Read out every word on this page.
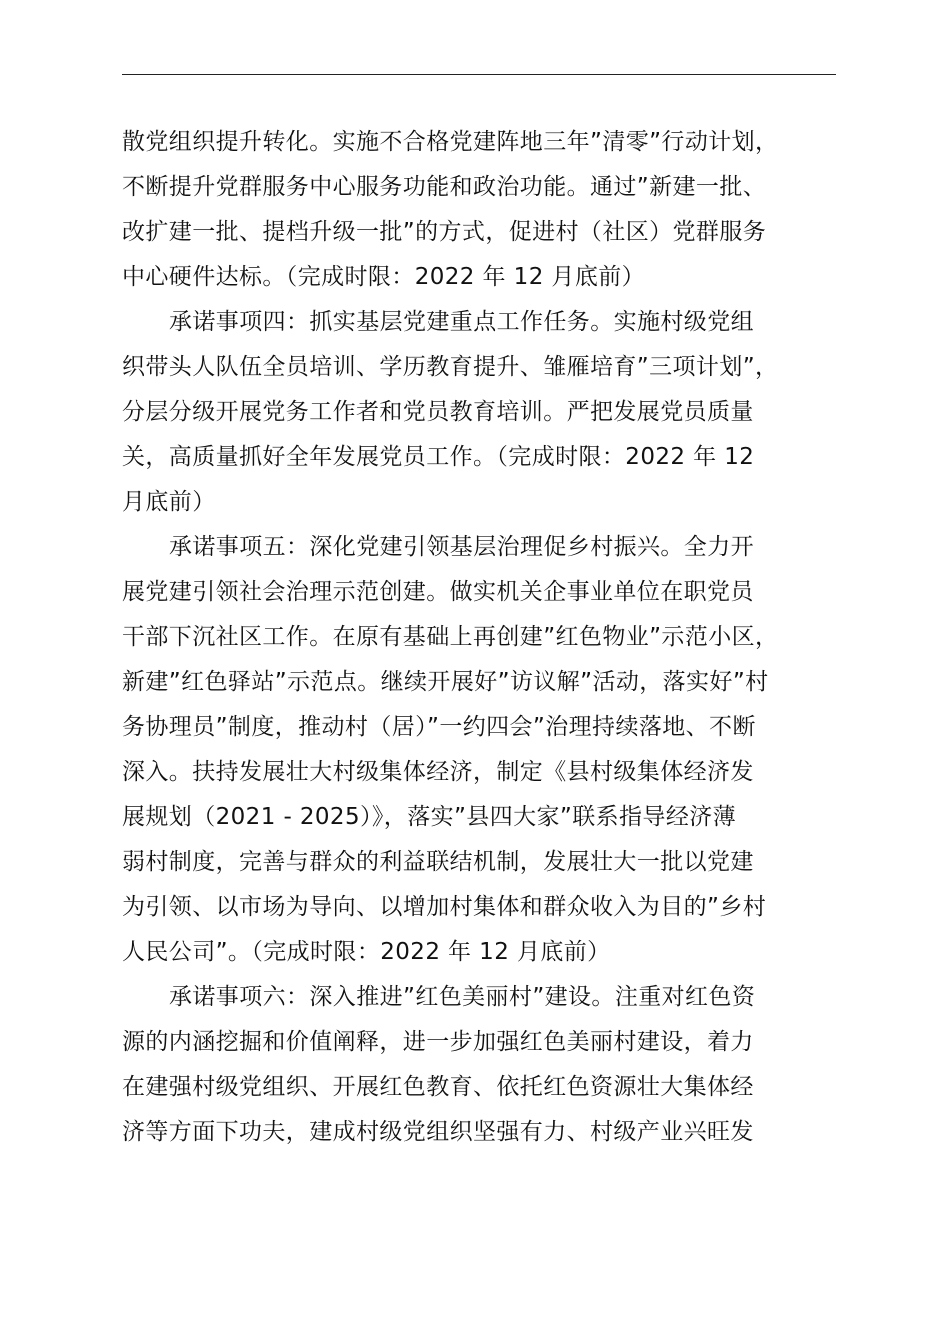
散党组织提升转化。实施不合格党建阵地三年”清零”行动计划，
不断提升党群服务中心服务功能和政治功能。通过”新建一批、
改扩建一批、提档升级一批”的方式，促进村（社区）党群服务
中心硬件达标。（完成时限：2022 年 12 月底前）
承诺事项四：抓实基层党建重点工作任务。实施村级党组
织带头人队伍全员培训、学历教育提升、雏雁培育”三项计划”，
分层分级开展党务工作者和党员教育培训。严把发展党员质量
关，高质量抓好全年发展党员工作。（完成时限：2022 年 12
月底前）
承诺事项五：深化党建引领基层治理促乡村振兴。全力开
展党建引领社会治理示范创建。做实机关企事业单位在职党员
干部下沉社区工作。在原有基础上再创建”红色物业”示范小区，
新建”红色驿站”示范点。继续开展好”访议解”活动，落实好”村
务协理员”制度，推动村（居）”一约四会”治理持续落地、不断
深入。扶持发展壮大村级集体经济，制定《县村级集体经济发
展规划（2021 - 2025）》，落实”县四大家”联系指导经济薄
弱村制度，完善与群众的利益联结机制，发展壮大一批以党建
为引领、以市场为导向、以增加村集体和群众收入为目的”乡村
人民公司”。（完成时限：2022 年 12 月底前）
承诺事项六：深入推进”红色美丽村”建设。注重对红色资
源的内涵挖掘和价值阐释，进一步加强红色美丽村建设，着力
在建强村级党组织、开展红色教育、依托红色资源壮大集体经
济等方面下功夫，建成村级党组织坚强有力、村级产业兴旺发
